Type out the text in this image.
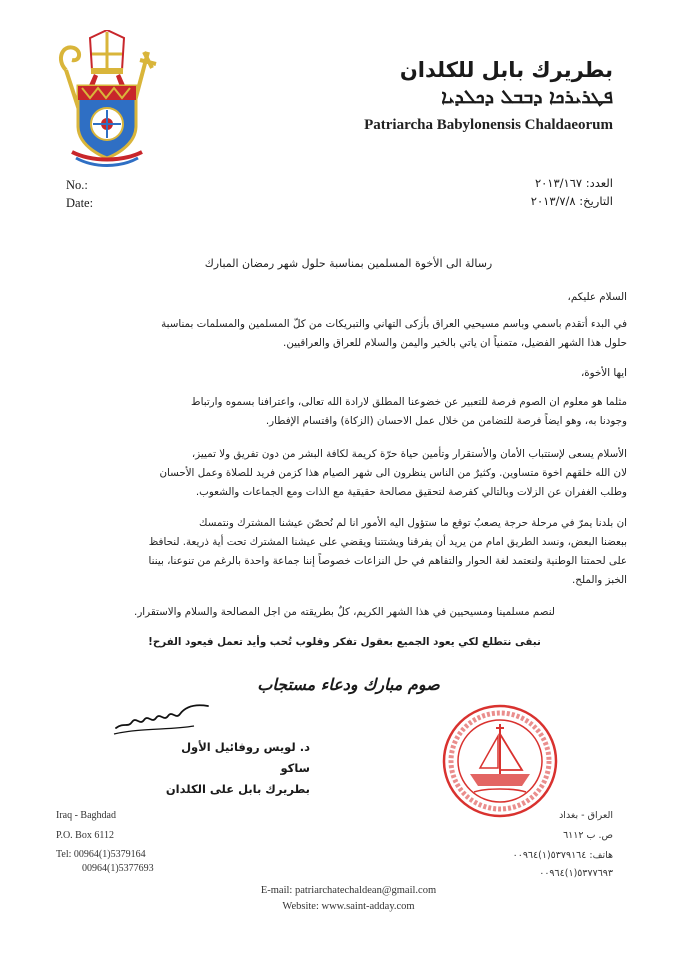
بطريرك بابل للكلدان
ܦܛܪܝܪܟܐ ܕܒܒܠ ܕܟܠܕܝܐ
Patriarcha Babylonensis Chaldaeorum
No.:
Date:
العدد: ٢٠١٣/١٦٧
التاريخ: ٢٠١٣/٧/٨
رسالة الى الأخوة المسلمين بمناسبة حلول شهر رمضان المبارك

السلام عليكم،

في البدء أتقدم باسمي وباسم مسيحيي العراق بأزكى التهاني والتبريكات من كلّ المسلمين والمسلمات بمناسبة

حلول هذا الشهر الفضيل، متمنياً ان ياتي بالخير واليمن والسلام للعراق والعراقيين.

ايها الأخوة،

مثلما هو معلوم ان الصوم فرصة للتعبير عن خضوعنا المطلق لارادة الله تعالى، واعترافنا بسموه وارتباط

وجودنا به، وهو ايضاً فرصة للتضامن من خلال عمل الاحسان (الزكاة) واقتسام الإفطار.

الأسلام يسعى لإستتباب الأمان والأستقرار وتأمين حياة حرّة كريمة لكافة البشر من دون تفريق ولا تمييز،

لان الله خلقهم اخوة متساوين. وكثيرٌ من الناس ينظرون الى شهر الصيام هذا كزمن فريد للصلاة وعمل الأحسان

وطلب الغفران عن الزلات وبالتالي كفرصة لتحقيق مصالحة حقيقية مع الذات ومع الجماعات والشعوب.

ان بلدنا يمرّ في مرحلة حرجة يصعبُ توقع ما ستؤول اليه الأمور انا لم نُحصّن عيشنا المشترك ونتمسك

ببعضنا البعض، ونسد الطريق امام من يريد أن يفرقنا ويشتتنا ويقضي على عيشنا المشترك تحت أية ذريعة. لنحافظ

على لحمتنا الوطنية ولنعتمد لغة الحوار والتفاهم في حل النزاعات خصوصاً إننا جماعة واحدة بالرغم من تنوعنا، بيننا

الخبز والملح.

لنصم مسلمينا ومسيحيين في هذا الشهر الكريم، كلٌ بطريقته من اجل المصالحة والسلام والاستقرار.

نبقى نتطلع لكي يعود الجميع بعقول تفكر وقلوب تُحب وأيد تعمل فيعود الفرح!

صوم مبارك ودعاء مستجاب
د. لويس روفائيل الأول ساكو
بطريرك بابل على الكلدان
Iraq - Baghdad
P.O. Box 6112
Tel: 00964(1)5379164
00964(1)5377693
العراق - بغداد
ص. ب ٦١١٢
هاتف: ٥٣٧٩١٦٤(١)٠٠٩٦٤
٥٣٧٧٦٩٣(١)٠٠٩٦٤
E-mail: patriarchatechaldean@gmail.com
Website: www.saint-adday.com
